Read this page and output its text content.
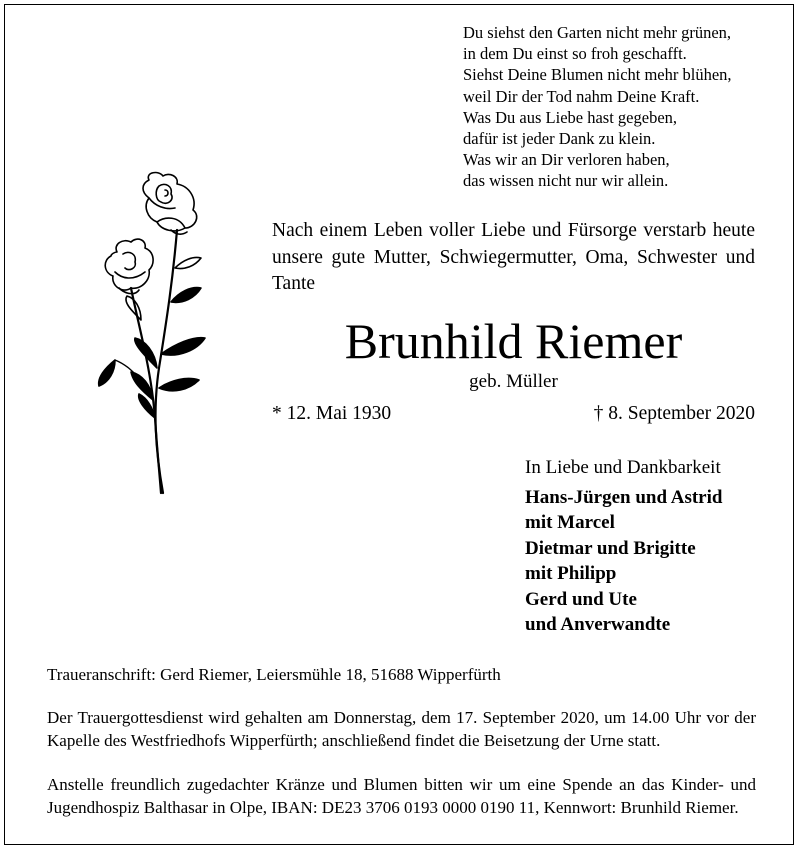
Du siehst den Garten nicht mehr grünen,
in dem Du einst so froh geschafft.
Siehst Deine Blumen nicht mehr blühen,
weil Dir der Tod nahm Deine Kraft.
Was Du aus Liebe hast gegeben,
dafür ist jeder Dank zu klein.
Was wir an Dir verloren haben,
das wissen nicht nur wir allein.
Nach einem Leben voller Liebe und Fürsorge verstarb heute unsere gute Mutter, Schwiegermutter, Oma, Schwester und Tante
Brunhild Riemer
geb. Müller
* 12. Mai 1930	† 8. September 2020
In Liebe und Dankbarkeit
Hans-Jürgen und Astrid
mit Marcel
Dietmar und Brigitte
mit Philipp
Gerd und Ute
und Anverwandte
Traueranschrift: Gerd Riemer, Leiersmühle 18, 51688 Wipperfürth
Der Trauergottesdienst wird gehalten am Donnerstag, dem 17. September 2020, um 14.00 Uhr vor der Kapelle des Westfriedhofs Wipperfürth; anschließend findet die Beisetzung der Urne statt.
Anstelle freundlich zugedachter Kränze und Blumen bitten wir um eine Spende an das Kinder- und Jugendhospiz Balthasar in Olpe, IBAN: DE23 3706 0193 0000 0190 11, Kennwort: Brunhild Riemer.
